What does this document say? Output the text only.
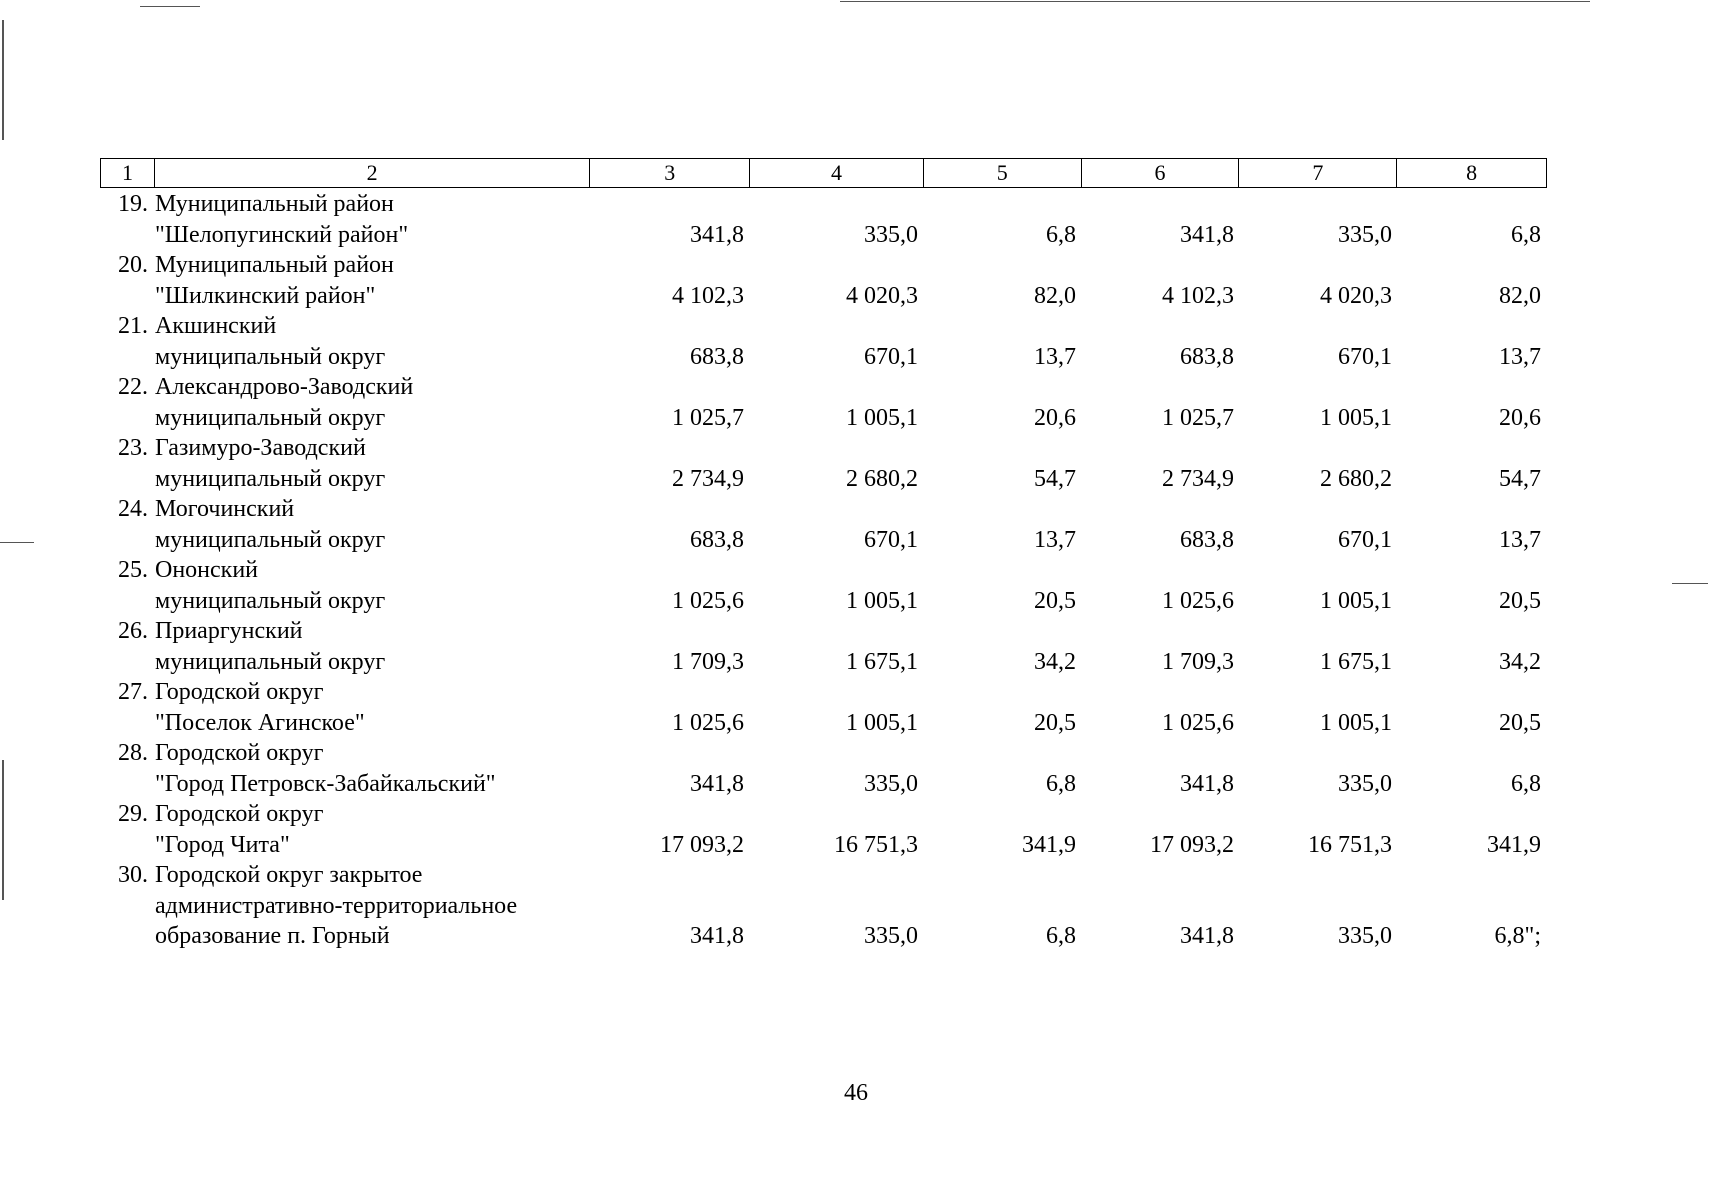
1	2	3	4	5	6	7	8
19. Муниципальный район
"Шелопугинский район"	341,8	335,0	6,8	341,8	335,0	6,8
20. Муниципальный район
"Шилкинский район"	4 102,3	4 020,3	82,0	4 102,3	4 020,3	82,0
21. Акшинский
муниципальный округ	683,8	670,1	13,7	683,8	670,1	13,7
22. Александрово-Заводский
муниципальный округ	1 025,7	1 005,1	20,6	1 025,7	1 005,1	20,6
23. Газимуро-Заводский
муниципальный округ	2 734,9	2 680,2	54,7	2 734,9	2 680,2	54,7
24. Могочинский
муниципальный округ	683,8	670,1	13,7	683,8	670,1	13,7
25. Ононский
муниципальный округ	1 025,6	1 005,1	20,5	1 025,6	1 005,1	20,5
26. Приаргунский
муниципальный округ	1 709,3	1 675,1	34,2	1 709,3	1 675,1	34,2
27. Городской округ
"Поселок Агинское"	1 025,6	1 005,1	20,5	1 025,6	1 005,1	20,5
28. Городской округ
"Город Петровск-Забайкальский"	341,8	335,0	6,8	341,8	335,0	6,8
29. Городской округ
"Город Чита"	17 093,2	16 751,3	341,9	17 093,2	16 751,3	341,9
30. Городской округ закрытое
административно-территориальное
образование п. Горный	341,8	335,0	6,8	341,8	335,0	6,8";
46
